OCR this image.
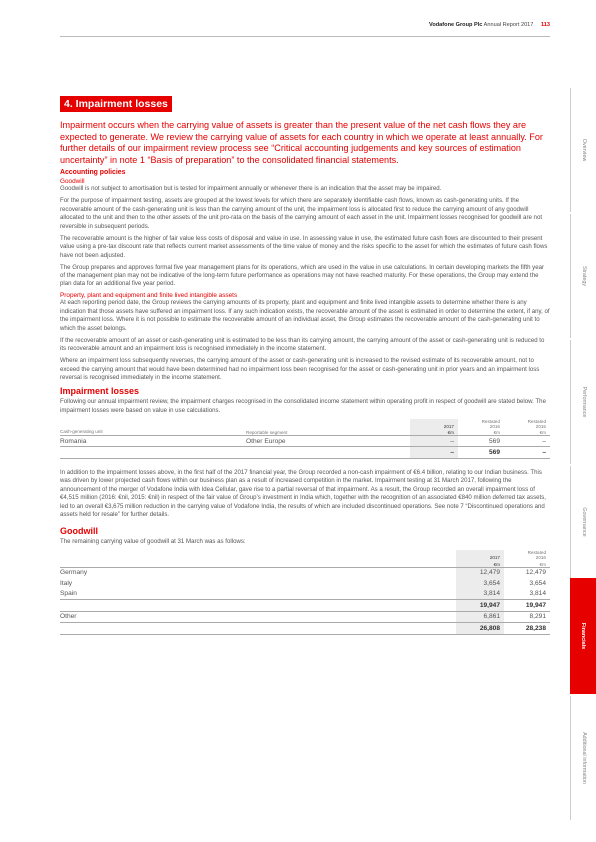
Vodafone Group Plc Annual Report 2017 113
Overview
Strategy
Performance
Governance
Financials
Additional information
4. Impairment losses

Impairment occurs when the carrying value of assets is greater than the present value of the net cash flows they are expected to generate. We review the carrying value of assets for each country in which we operate at least annually. For further details of our impairment review process see “Critical accounting judgements and key sources of estimation uncertainty” in note 1 “Basis of preparation” to the consolidated financial statements.

Accounting policies
Goodwill

Goodwill is not subject to amortisation but is tested for impairment annually or whenever there is an indication that the asset may be impaired.

For the purpose of impairment testing, assets are grouped at the lowest levels for which there are separately identifiable cash flows, known as cash-generating units. If the recoverable amount of the cash-generating unit is less than the carrying amount of the unit, the impairment loss is allocated first to reduce the carrying amount of any goodwill allocated to the unit and then to the other assets of the unit pro-rata on the basis of the carrying amount of each asset in the unit. Impairment losses recognised for goodwill are not reversible in subsequent periods.

The recoverable amount is the higher of fair value less costs of disposal and value in use. In assessing value in use, the estimated future cash flows are discounted to their present value using a pre-tax discount rate that reflects current market assessments of the time value of money and the risks specific to the asset for which the estimates of future cash flows have not been adjusted.

The Group prepares and approves formal five year management plans for its operations, which are used in the value in use calculations. In certain developing markets the fifth year of the management plan may not be indicative of the long-term future performance as operations may not have reached maturity. For these operations, the Group may extend the plan data for an additional five year period.

Property, plant and equipment and finite lived intangible assets

At each reporting period date, the Group reviews the carrying amounts of its property, plant and equipment and finite lived intangible assets to determine whether there is any indication that those assets have suffered an impairment loss. If any such indication exists, the recoverable amount of the asset is estimated in order to determine the extent, if any, of the impairment loss. Where it is not possible to estimate the recoverable amount of an individual asset, the Group estimates the recoverable amount of the cash-generating unit to which the asset belongs.

If the recoverable amount of an asset or cash-generating unit is estimated to be less than its carrying amount, the carrying amount of the asset or cash-generating unit is reduced to its recoverable amount and an impairment loss is recognised immediately in the income statement.

Where an impairment loss subsequently reverses, the carrying amount of the asset or cash-generating unit is increased to the revised estimate of its recoverable amount, not to exceed the carrying amount that would have been determined had no impairment loss been recognised for the asset or cash-generating unit in prior years and an impairment loss reversal is recognised immediately in the income statement.

Impairment losses

Following our annual impairment review, the impairment charges recognised in the consolidated income statement within operating profit in respect of goodwill are stated below. The impairment losses were based on value in use calculations.

			Restated	Restated
		2017	2016	2015
Cash-generating unit	Reportable segment	€m	€m	€m
Romania	Other Europe	–	569	–
		–	569	–

In addition to the impairment losses above, in the first half of the 2017 financial year, the Group recorded a non-cash impairment of €6.4 billion, relating to our Indian business. This was driven by lower projected cash flows within our business plan as a result of increased competition in the market. Impairment testing at 31 March 2017, following the announcement of the merger of Vodafone India with Idea Cellular, gave rise to a partial reversal of that impairment. As a result, the Group recorded an overall impairment loss of €4,515 million (2016: €nil, 2015: €nil) in respect of the fair value of Group’s investment in India which, together with the recognition of an associated €840 million deferred tax assets, led to an overall €3,675 million reduction in the carrying value of Vodafone India, the results of which are included discontinued operations. See note 7 “Discontinued operations and assets held for resale” for further details.

Goodwill

The remaining carrying value of goodwill at 31 March was as follows:

		Restated
	2017	2016
	€m	€m
Germany	12,479	12,479
Italy	3,654	3,654
Spain	3,814	3,814
	19,947	19,947
Other	6,861	8,291
	26,808	28,238
